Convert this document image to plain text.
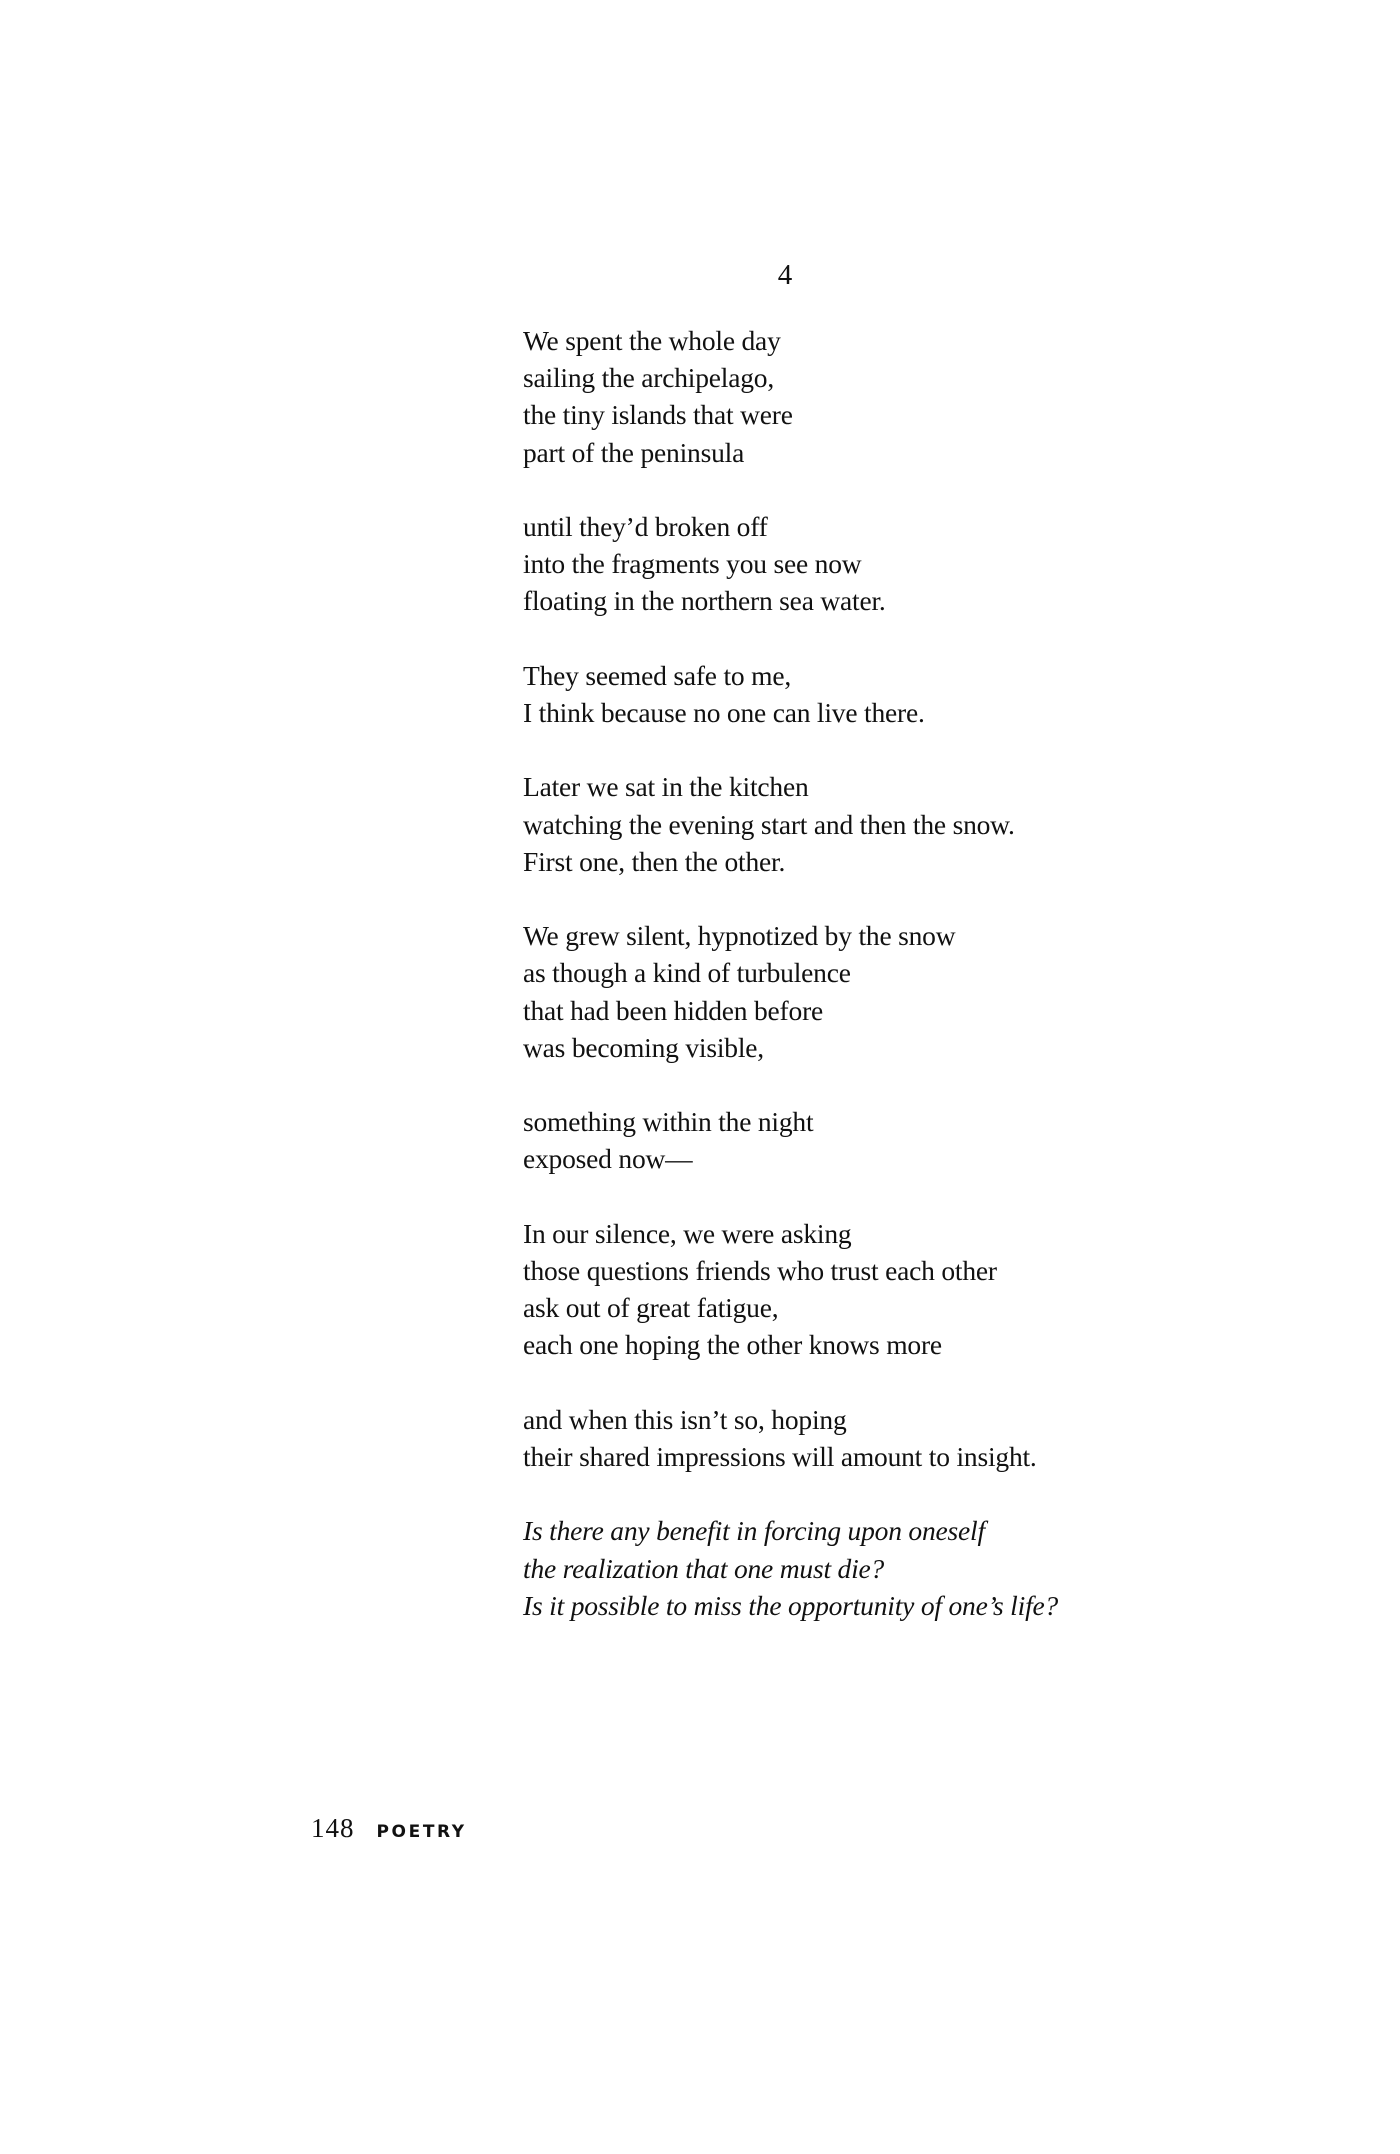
4
We spent the whole day
sailing the archipelago,
the tiny islands that were
part of the peninsula
until they’d broken off
into the fragments you see now
floating in the northern sea water.
They seemed safe to me,
I think because no one can live there.
Later we sat in the kitchen
watching the evening start and then the snow.
First one, then the other.
We grew silent, hypnotized by the snow
as though a kind of turbulence
that had been hidden before
was becoming visible,
something within the night
exposed now—
In our silence, we were asking
those questions friends who trust each other
ask out of great fatigue,
each one hoping the other knows more
and when this isn’t so, hoping
their shared impressions will amount to insight.
Is there any benefit in forcing upon oneself
the realization that one must die?
Is it possible to miss the opportunity of one’s life?
148 POETRY
